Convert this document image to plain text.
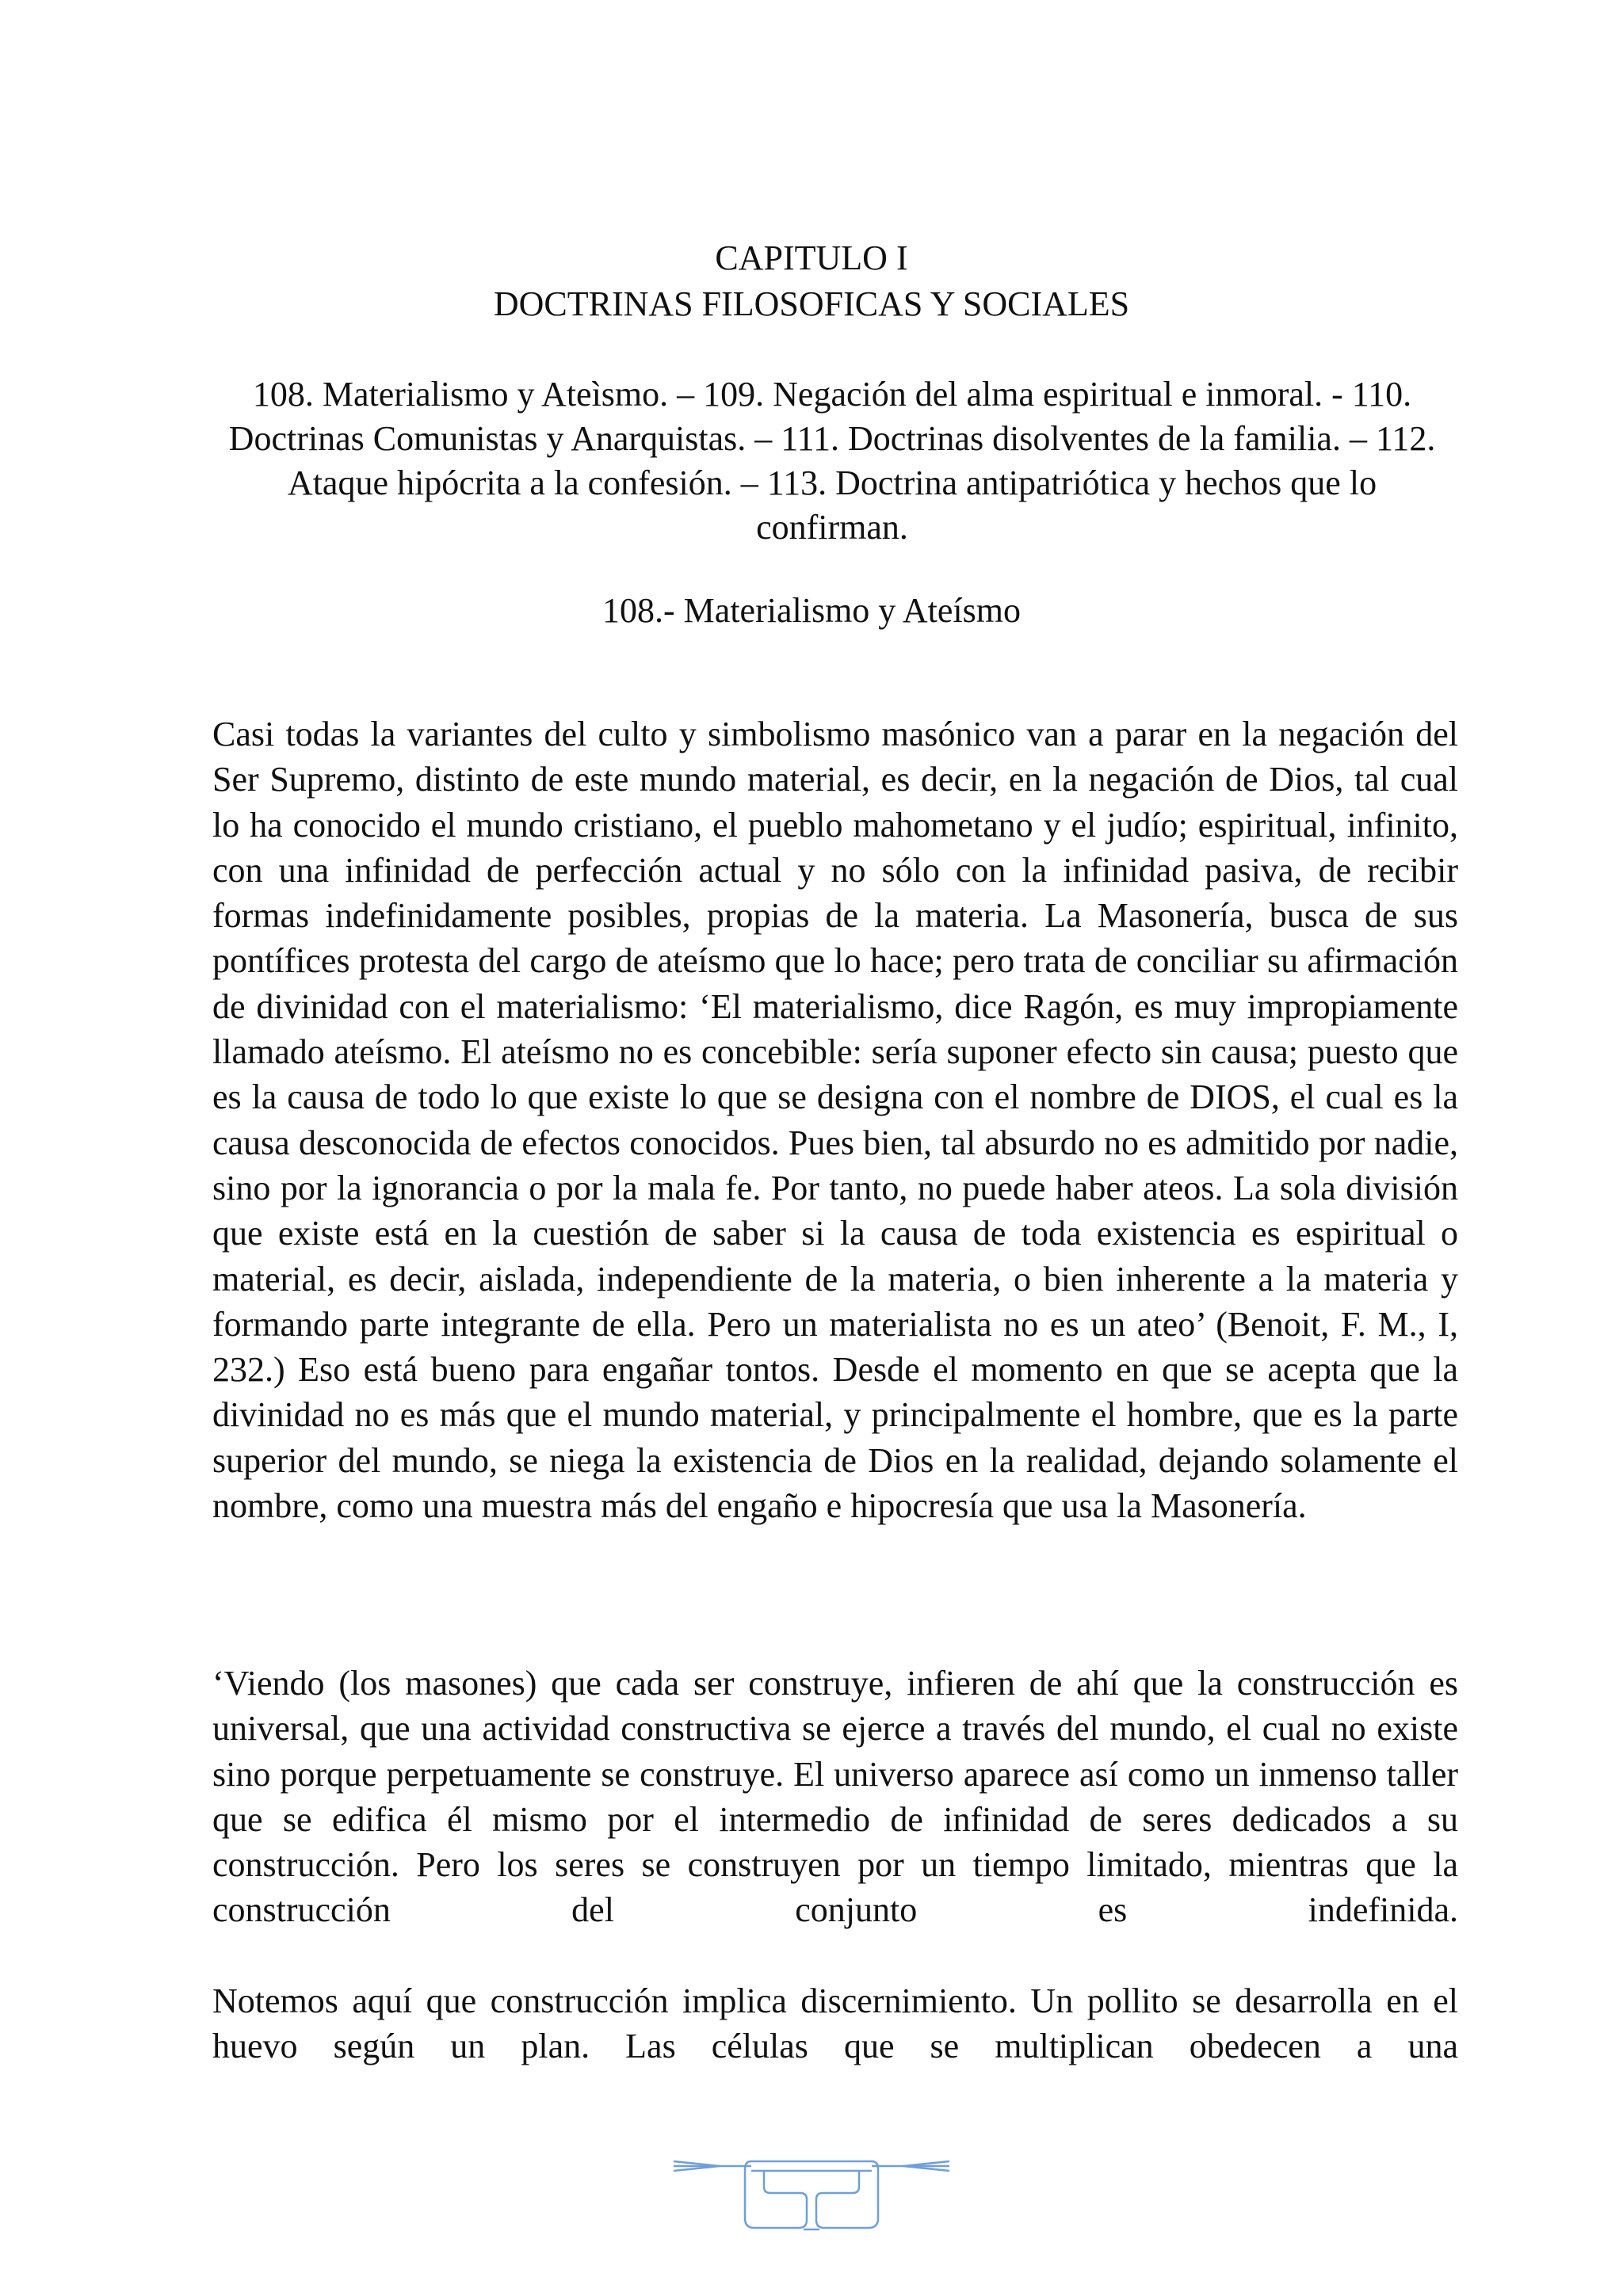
CAPITULO I
DOCTRINAS FILOSOFICAS Y SOCIALES
108. Materialismo y Ateìsmo. – 109. Negación del alma espiritual e inmoral. - 110. Doctrinas Comunistas y Anarquistas. – 111. Doctrinas disolventes de la familia. – 112. Ataque hipócrita a la confesión. – 113. Doctrina antipatriótica y hechos que lo confirman.
108.- Materialismo y Ateísmo
Casi todas la variantes del culto y simbolismo masónico van a parar en la negación del Ser Supremo, distinto de este mundo material, es decir, en la negación de Dios, tal cual lo ha conocido el mundo cristiano, el pueblo mahometano y el judío; espiritual, infinito, con una infinidad de perfección actual y no sólo con la infinidad pasiva, de recibir formas indefinidamente posibles, propias de la materia. La Masonería, busca de sus pontífices protesta del cargo de ateísmo que lo hace; pero trata de conciliar su afirmación de divinidad con el materialismo: ‘El materialismo, dice Ragón, es muy impropiamente llamado ateísmo. El ateísmo no es concebible: sería suponer efecto sin causa; puesto que es la causa de todo lo que existe lo que se designa con el nombre de DIOS, el cual es la causa desconocida de efectos conocidos. Pues bien, tal absurdo no es admitido por nadie, sino por la ignorancia o por la mala fe. Por tanto, no puede haber ateos. La sola división que existe está en la cuestión de saber si la causa de toda existencia es espiritual o material, es decir, aislada, independiente de la materia, o bien inherente a la materia y formando parte integrante de ella. Pero un materialista no es un ateo’ (Benoit, F. M., I, 232.) Eso está bueno para engañar tontos. Desde el momento en que se acepta que la divinidad no es más que el mundo material, y principalmente el hombre, que es la parte superior del mundo, se niega la existencia de Dios en la realidad, dejando solamente el nombre, como una muestra más del engaño e hipocresía que usa la Masonería.
‘Viendo (los masones) que cada ser construye, infieren de ahí que la construcción es universal, que una actividad constructiva se ejerce a través del mundo, el cual no existe sino porque perpetuamente se construye. El universo aparece así como un inmenso taller que se edifica él mismo por el intermedio de infinidad de seres dedicados a su construcción. Pero los seres se construyen por un tiempo limitado, mientras que la construcción del conjunto es indefinida.
Notemos aquí que construcción implica discernimiento. Un pollito se desarrolla en el huevo según un plan. Las células que se multiplican obedecen a una
